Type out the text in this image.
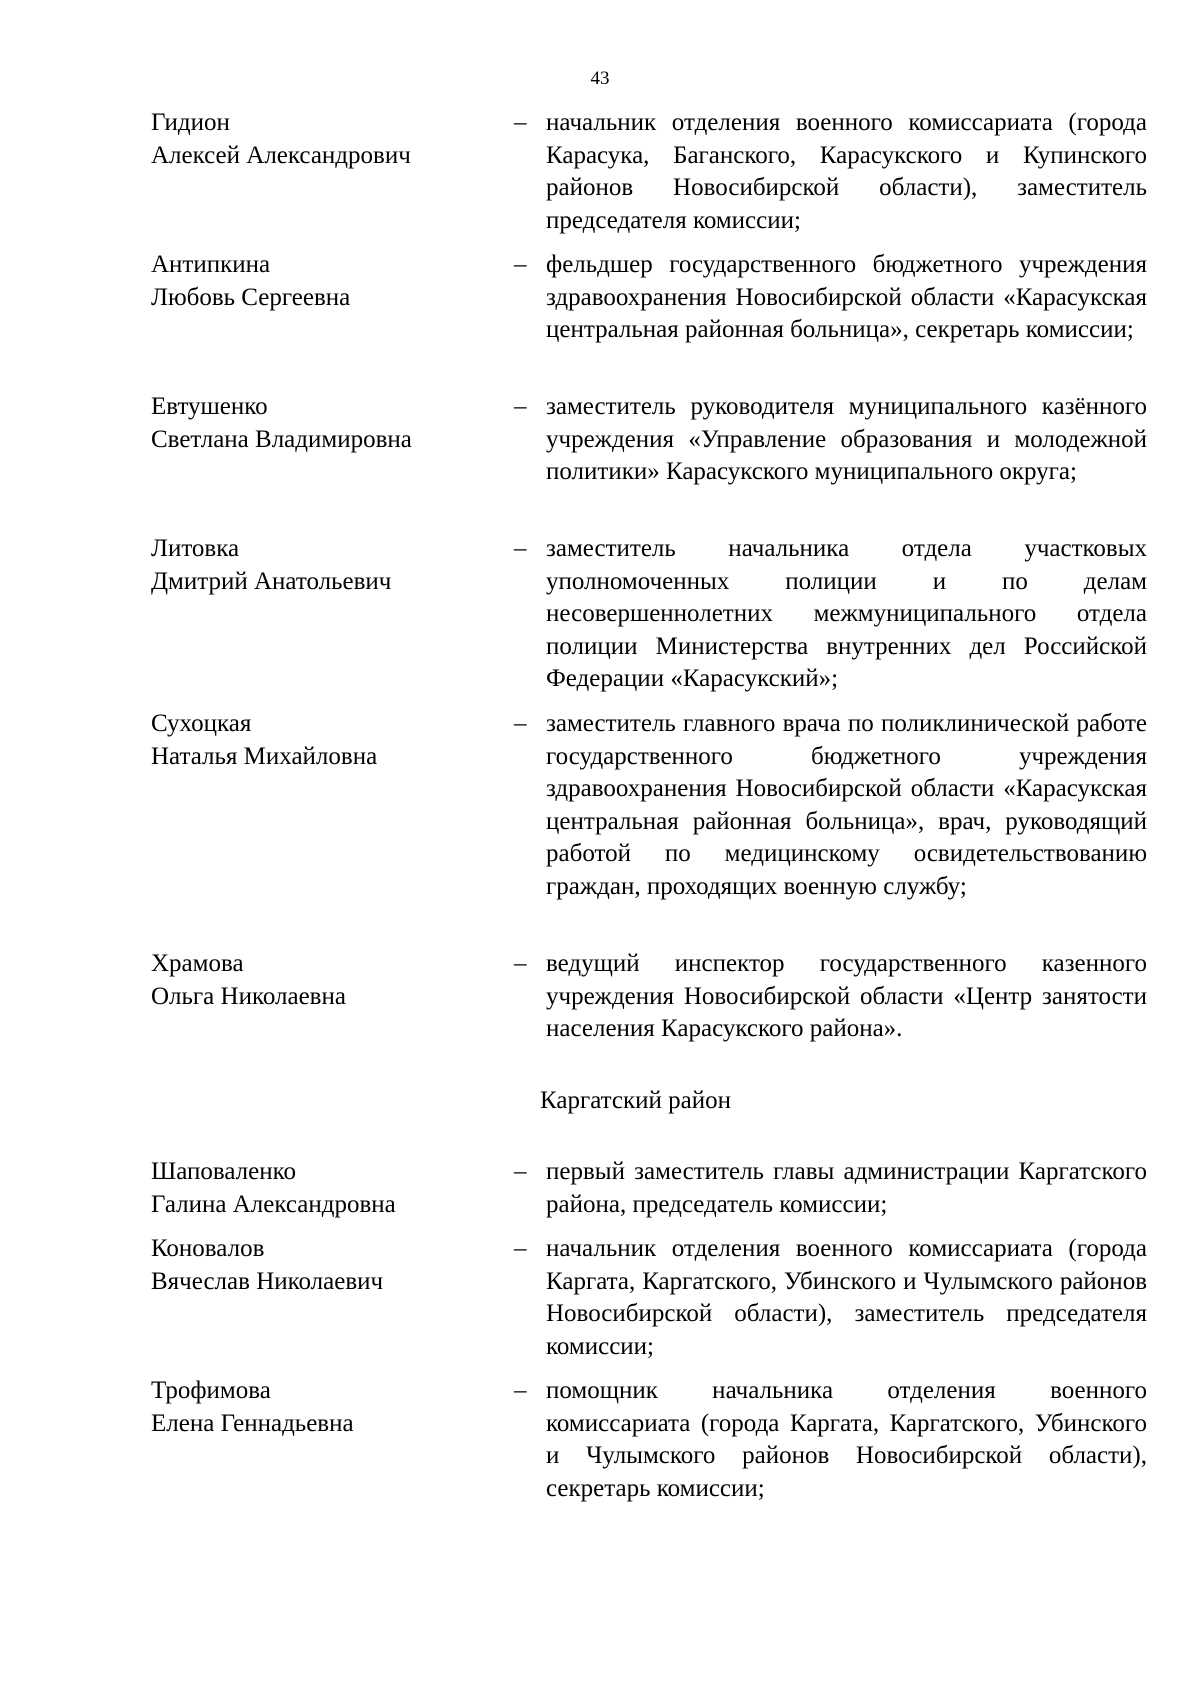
43
Гидион
Алексей Александрович
– начальник отделения военного комиссариата (города Карасука, Баганского, Карасукского и Купинского районов Новосибирской области), заместитель председателя комиссии;
Антипкина
Любовь Сергеевна
– фельдшер государственного бюджетного учреждения здравоохранения Новосибирской области «Карасукская центральная районная больница», секретарь комиссии;
Евтушенко
Светлана Владимировна
– заместитель руководителя муниципального казённого учреждения «Управление образования и молодежной политики» Карасукского муниципального округа;
Литовка
Дмитрий Анатольевич
– заместитель начальника отдела участковых уполномоченных полиции и по делам несовершеннолетних межмуниципального отдела полиции Министерства внутренних дел Российской Федерации «Карасукский»;
Сухоцкая
Наталья Михайловна
– заместитель главного врача по поликлинической работе государственного бюджетного учреждения здравоохранения Новосибирской области «Карасукская центральная районная больница», врач, руководящий работой по медицинскому освидетельствованию граждан, проходящих военную службу;
Храмова
Ольга Николаевна
– ведущий инспектор государственного казенного учреждения Новосибирской области «Центр занятости населения Карасукского района».
Каргатский район
Шаповаленко
Галина Александровна
– первый заместитель главы администрации Каргатского района, председатель комиссии;
Коновалов
Вячеслав Николаевич
– начальник отделения военного комиссариата (города Каргата, Каргатского, Убинского и Чулымского районов Новосибирской области), заместитель председателя комиссии;
Трофимова
Елена Геннадьевна
– помощник начальника отделения военного комиссариата (города Каргата, Каргатского, Убинского и Чулымского районов Новосибирской области), секретарь комиссии;
